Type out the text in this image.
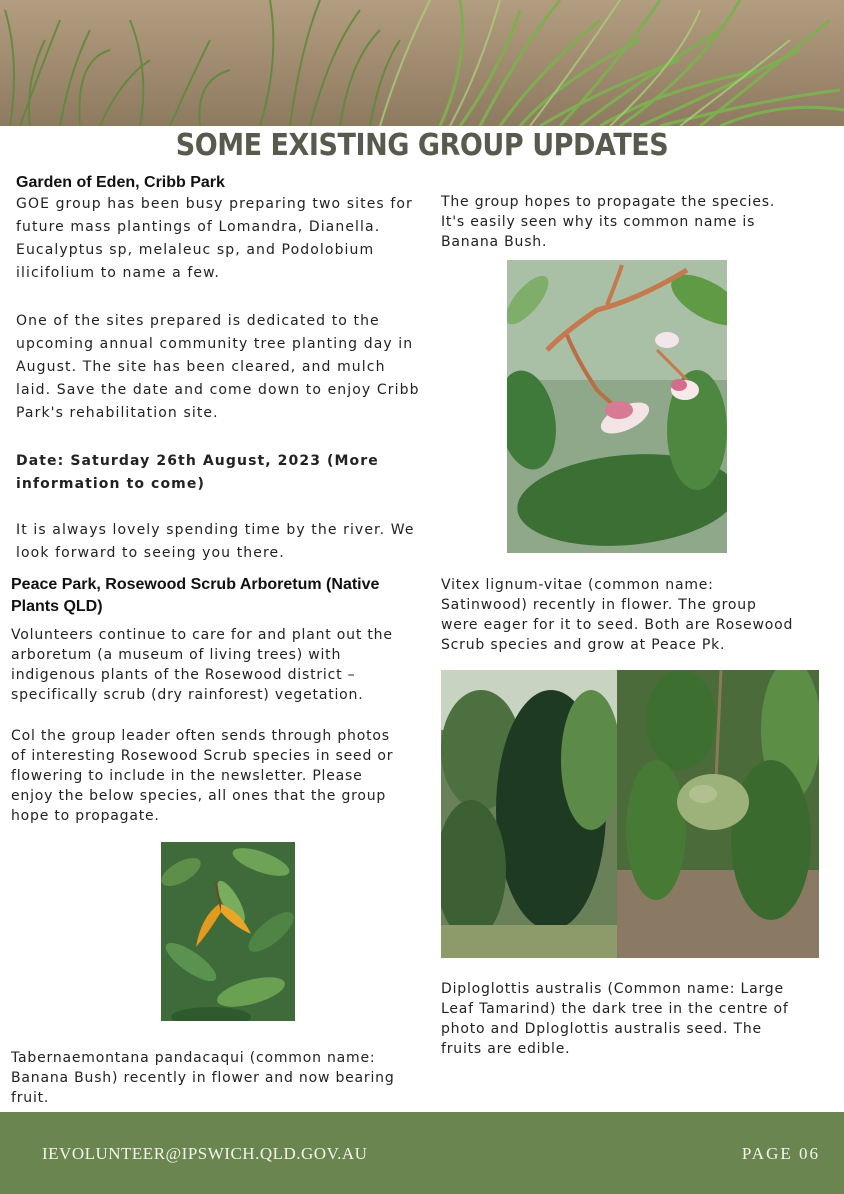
SOME EXISTING GROUP UPDATES
Garden of Eden, Cribb Park
GOE group has been busy preparing two sites for
future mass plantings of Lomandra, Dianella.
Eucalyptus sp, melaleuc sp, and Podolobium
ilicifolium to name a few.
One of the sites prepared is dedicated to the
upcoming annual community tree planting day in
August. The site has been cleared, and mulch
laid. Save the date and come down to enjoy Cribb
Park's rehabilitation site.
Date: Saturday 26th August, 2023 (More
information to come)
It is always lovely spending time by the river. We
look forward to seeing you there.
Peace Park, Rosewood Scrub Arboretum (Native
Plants QLD)
Volunteers continue to care for and plant out the
arboretum (a museum of living trees) with
indigenous plants of the Rosewood district –
specifically scrub (dry rainforest) vegetation.
Col the group leader often sends through photos
of interesting Rosewood Scrub species in seed or
flowering to include in the newsletter. Please
enjoy the below species, all ones that the group
hope to propagate.
Tabernaemontana pandacaqui (common name:
Banana Bush) recently in flower and now bearing
fruit.
The group hopes to propagate the species.
It's easily seen why its common name is
Banana Bush.
Vitex lignum-vitae (common name:
Satinwood) recently in flower. The group
were eager for it to seed. Both are Rosewood
Scrub species and grow at Peace Pk.
Diploglottis australis (Common name: Large
Leaf Tamarind) the dark tree in the centre of
photo and Dploglottis australis seed. The
fruits are edible.
IEVOLUNTEER@IPSWICH.QLD.GOV.AU	PAGE 06
